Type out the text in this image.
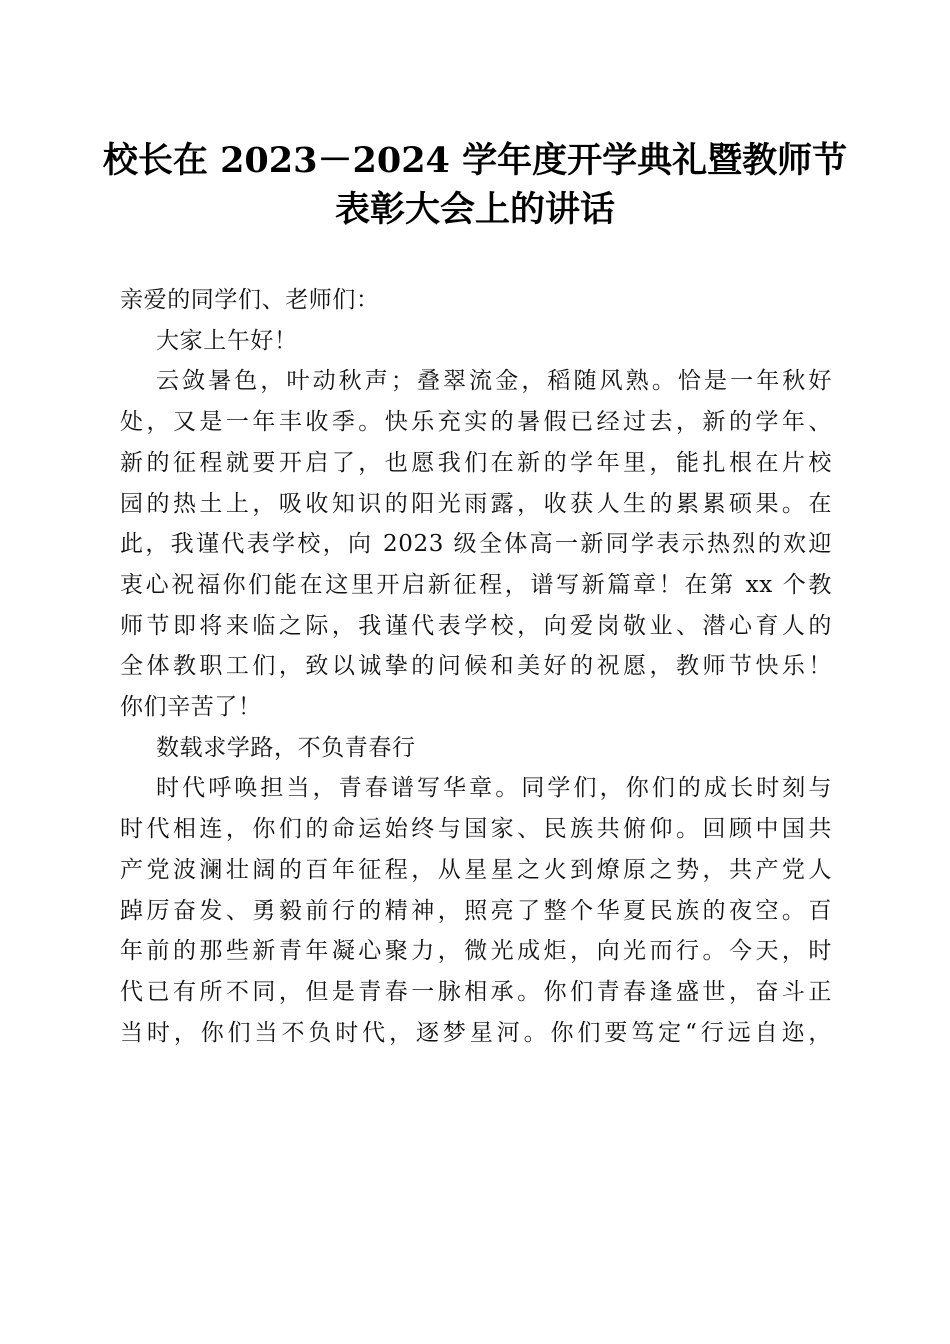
校长在 2023－2024 学年度开学典礼暨教师节
表彰大会上的讲话

亲爱的同学们、老师们：

大家上午好！

云敛暑色，叶动秋声；叠翠流金，稻随风熟。恰是一年秋好
处，又是一年丰收季。快乐充实的暑假已经过去，新的学年、
新的征程就要开启了，也愿我们在新的学年里，能扎根在片校
园的热土上，吸收知识的阳光雨露，收获人生的累累硕果。在
此，我谨代表学校，向 2023 级全体高一新同学表示热烈的欢迎
衷心祝福你们能在这里开启新征程，谱写新篇章！在第 xx 个教
师节即将来临之际，我谨代表学校，向爱岗敬业、潜心育人的
全体教职工们，致以诚挚的问候和美好的祝愿，教师节快乐！
你们辛苦了！

数载求学路，不负青春行

时代呼唤担当，青春谱写华章。同学们，你们的成长时刻与
时代相连，你们的命运始终与国家、民族共俯仰。回顾中国共
产党波澜壮阔的百年征程，从星星之火到燎原之势，共产党人
踔厉奋发、勇毅前行的精神，照亮了整个华夏民族的夜空。百
年前的那些新青年凝心聚力，微光成炬，向光而行。今天，时
代已有所不同，但是青春一脉相承。你们青春逢盛世，奋斗正
当时，你们当不负时代，逐梦星河。你们要笃定“行远自迩，
